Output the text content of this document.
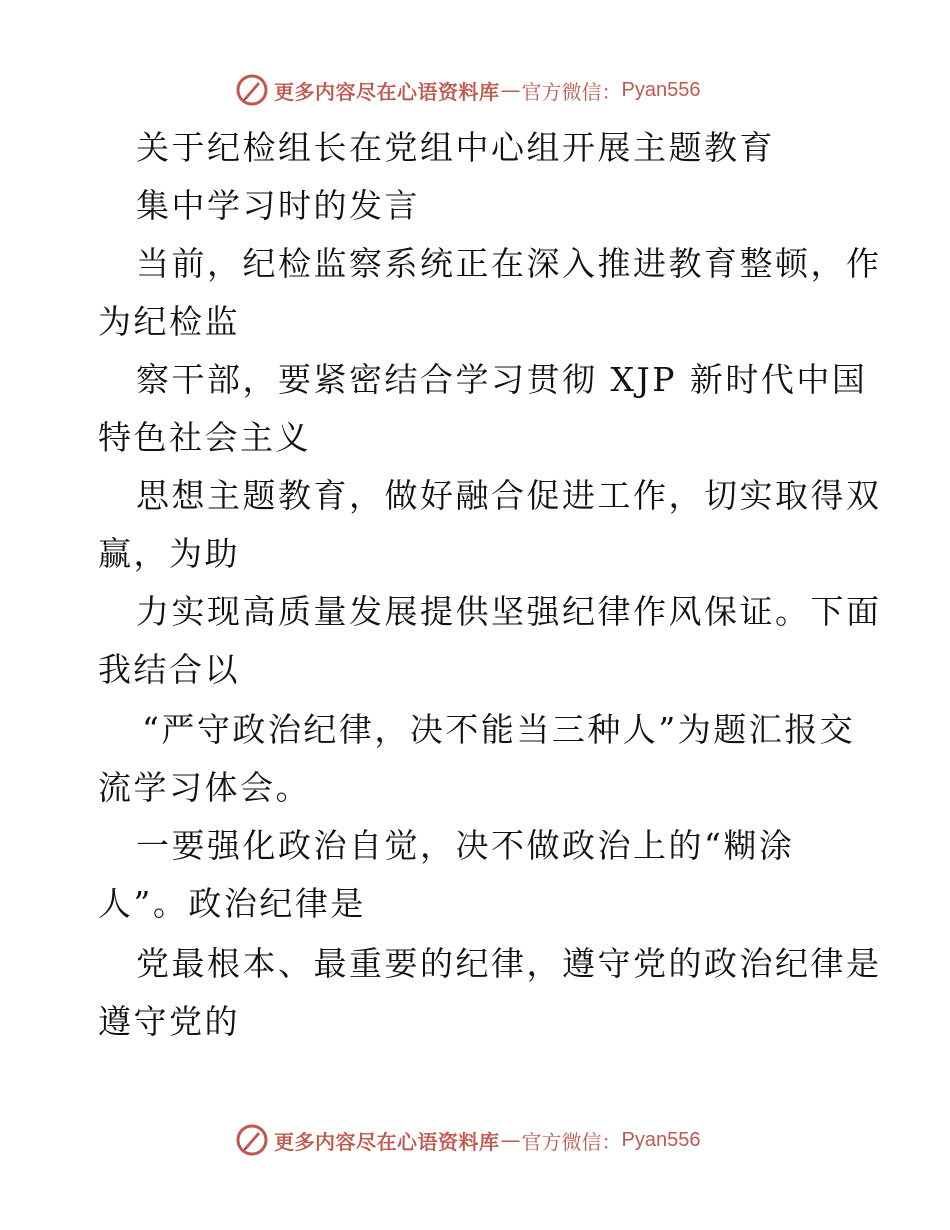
更多内容尽在心语资料库 — 官方微信： Pyan556
关于纪检组长在党组中心组开展主题教育
集中学习时的发言
当前，纪检监察系统正在深入推进教育整顿，作
为纪检监
察干部，要紧密结合学习贯彻 XJP 新时代中国
特色社会主义
思想主题教育，做好融合促进工作，切实取得双
赢，为助
力实现高质量发展提供坚强纪律作风保证。下面
我结合以
“严守政治纪律，决不能当三种人”为题汇报交
流学习体会。
一要强化政治自觉，决不做政治上的“糊涂
人”。政治纪律是
党最根本、最重要的纪律，遵守党的政治纪律是
遵守党的
更多内容尽在心语资料库 — 官方微信： Pyan556
